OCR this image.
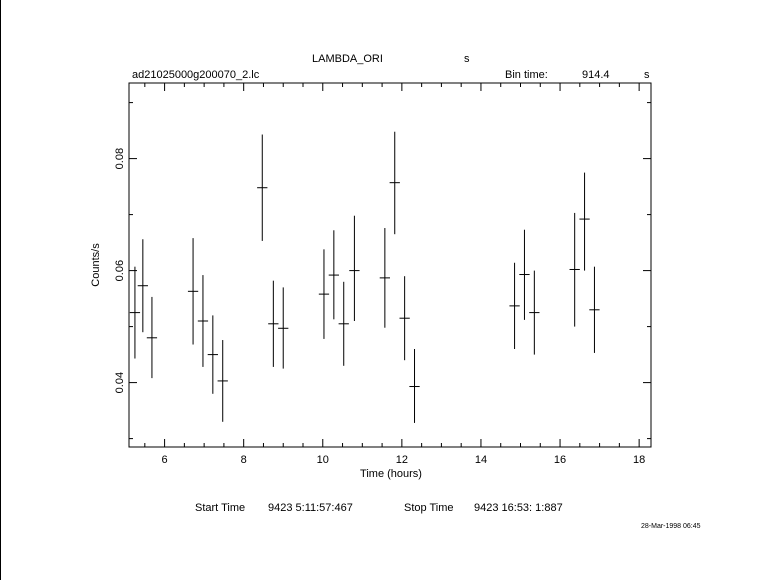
LAMBDA_ORI	s
ad21025000g200070_2.lc	Bin time:	914.4	s
6	8	10	12	14	16	18
0.04
0.06
0.08
Time (hours)
Counts/s
Start Time 9423 5:11:57:467	Stop Time 9423 16:53: 1:887
28-Mar-1998 06:45
